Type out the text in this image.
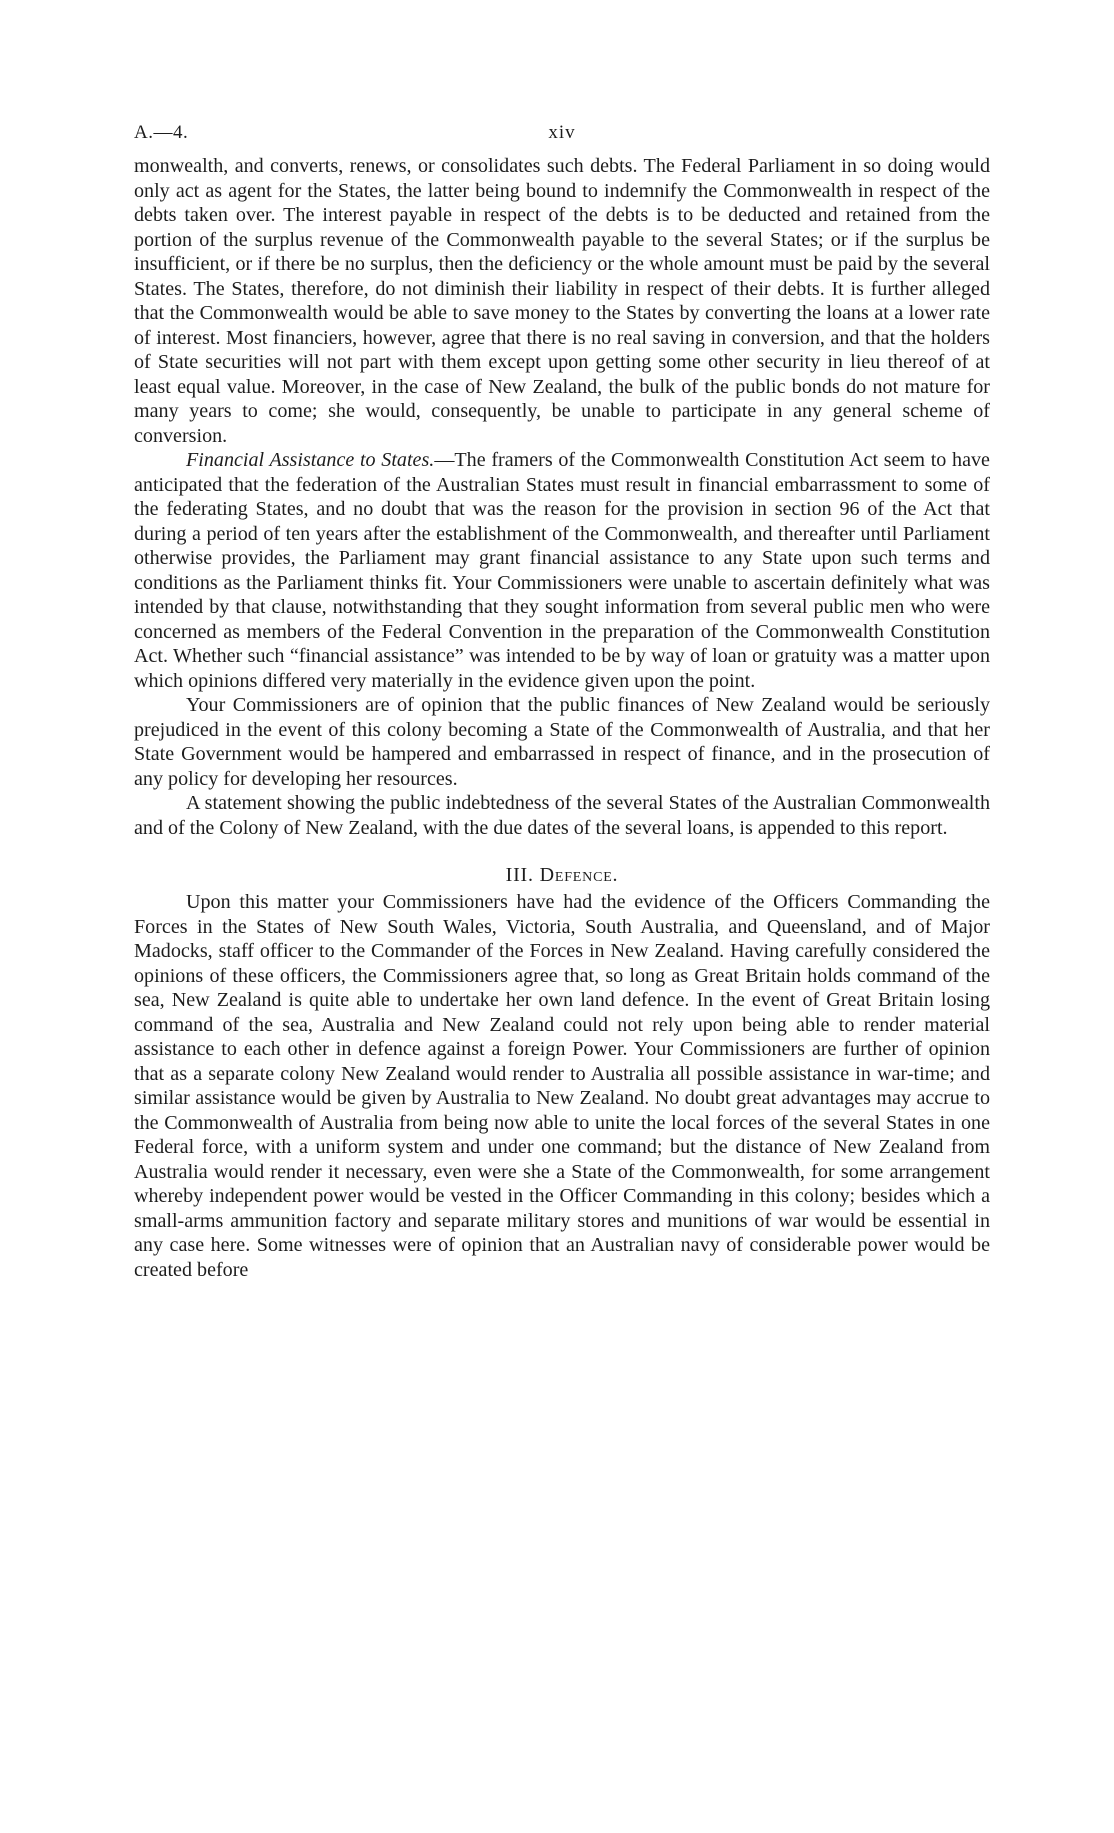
A.—4.	xiv

monwealth, and converts, renews, or consolidates such debts. The Federal Parliament in so doing would only act as agent for the States, the latter being bound to indemnify the Commonwealth in respect of the debts taken over. The interest payable in respect of the debts is to be deducted and retained from the portion of the surplus revenue of the Commonwealth payable to the several States; or if the surplus be insufficient, or if there be no surplus, then the deficiency or the whole amount must be paid by the several States. The States, therefore, do not diminish their liability in respect of their debts. It is further alleged that the Commonwealth would be able to save money to the States by converting the loans at a lower rate of interest. Most financiers, however, agree that there is no real saving in conversion, and that the holders of State securities will not part with them except upon getting some other security in lieu thereof of at least equal value. Moreover, in the case of New Zealand, the bulk of the public bonds do not mature for many years to come; she would, consequently, be unable to participate in any general scheme of conversion.

Financial Assistance to States.—The framers of the Commonwealth Constitution Act seem to have anticipated that the federation of the Australian States must result in financial embarrassment to some of the federating States, and no doubt that was the reason for the provision in section 96 of the Act that during a period of ten years after the establishment of the Commonwealth, and thereafter until Parliament otherwise provides, the Parliament may grant financial assistance to any State upon such terms and conditions as the Parliament thinks fit. Your Commissioners were unable to ascertain definitely what was intended by that clause, notwithstanding that they sought information from several public men who were concerned as members of the Federal Convention in the preparation of the Commonwealth Constitution Act. Whether such “financial assistance” was intended to be by way of loan or gratuity was a matter upon which opinions differed very materially in the evidence given upon the point.

Your Commissioners are of opinion that the public finances of New Zealand would be seriously prejudiced in the event of this colony becoming a State of the Commonwealth of Australia, and that her State Government would be hampered and embarrassed in respect of finance, and in the prosecution of any policy for developing her resources.

A statement showing the public indebtedness of the several States of the Australian Commonwealth and of the Colony of New Zealand, with the due dates of the several loans, is appended to this report.

III. Defence.

Upon this matter your Commissioners have had the evidence of the Officers Commanding the Forces in the States of New South Wales, Victoria, South Australia, and Queensland, and of Major Madocks, staff officer to the Commander of the Forces in New Zealand. Having carefully considered the opinions of these officers, the Commissioners agree that, so long as Great Britain holds command of the sea, New Zealand is quite able to undertake her own land defence. In the event of Great Britain losing command of the sea, Australia and New Zealand could not rely upon being able to render material assistance to each other in defence against a foreign Power. Your Commissioners are further of opinion that as a separate colony New Zealand would render to Australia all possible assistance in war-time; and similar assistance would be given by Australia to New Zealand. No doubt great advantages may accrue to the Commonwealth of Australia from being now able to unite the local forces of the several States in one Federal force, with a uniform system and under one command; but the distance of New Zealand from Australia would render it necessary, even were she a State of the Commonwealth, for some arrangement whereby independent power would be vested in the Officer Commanding in this colony; besides which a small-arms ammunition factory and separate military stores and munitions of war would be essential in any case here. Some witnesses were of opinion that an Australian navy of considerable power would be created before
